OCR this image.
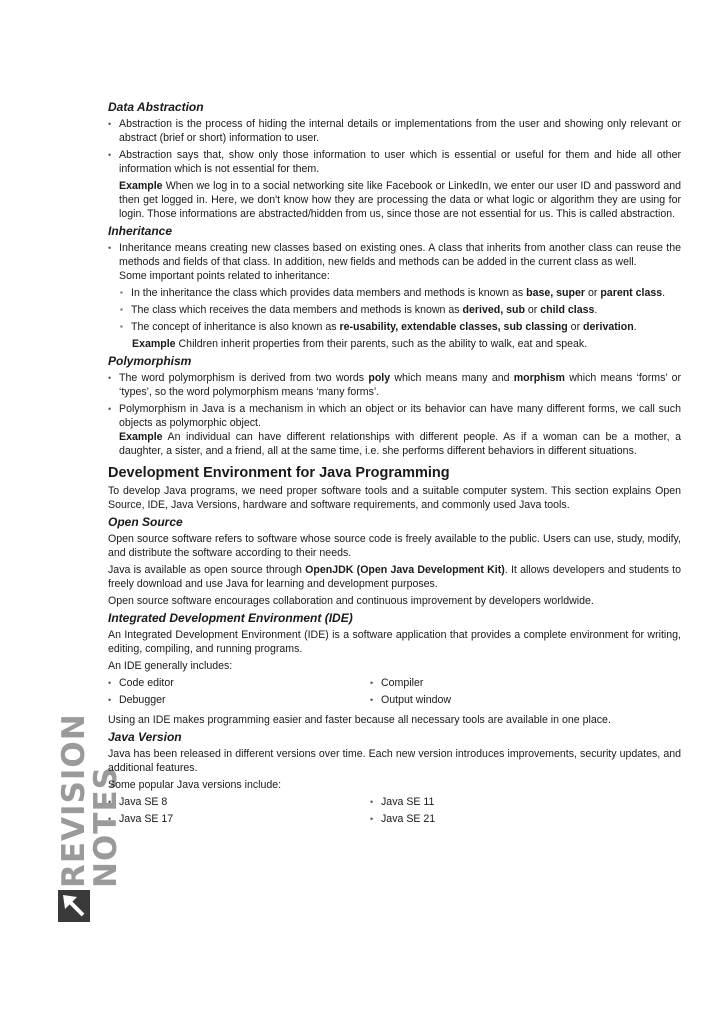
REVISION NOTES
Data Abstraction
• Abstraction is the process of hiding the internal details or implementations from the user and showing only relevant or abstract (brief or short) information to user.
• Abstraction says that, show only those information to user which is essential or useful for them and hide all other information which is not essential for them.

Example When we log in to a social networking site like Facebook or LinkedIn, we enter our user ID and password and then get logged in. Here, we don't know how they are processing the data or what logic or algorithm they are using for login. Those informations are abstracted/hidden from us, since those are not essential for us. This is called abstraction.

Inheritance
• Inheritance means creating new classes based on existing ones. A class that inherits from another class can reuse the methods and fields of that class. In addition, new fields and methods can be added in the current class as well.
Some important points related to inheritance:
▪ In the inheritance the class which provides data members and methods is known as base, super or parent class.
▪ The class which receives the data members and methods is known as derived, sub or child class.
▪ The concept of inheritance is also known as re-usability, extendable classes, sub classing or derivation.

Example Children inherit properties from their parents, such as the ability to walk, eat and speak.

Polymorphism
• The word polymorphism is derived from two words poly which means many and morphism which means ‘forms’ or ‘types’, so the word polymorphism means ‘many forms’.
• Polymorphism in Java is a mechanism in which an object or its behavior can have many different forms, we call such objects as polymorphic object.
Example An individual can have different relationships with different people. As if a woman can be a mother, a daughter, a sister, and a friend, all at the same time, i.e. she performs different behaviors in different situations.
Development Environment for Java Programming

To develop Java programs, we need proper software tools and a suitable computer system. This section explains Open Source, IDE, Java Versions, hardware and software requirements, and commonly used Java tools.

Open Source

Open source software refers to software whose source code is freely available to the public. Users can use, study, modify, and distribute the software according to their needs.

Java is available as open source through OpenJDK (Open Java Development Kit). It allows developers and students to freely download and use Java for learning and development purposes.

Open source software encourages collaboration and continuous improvement by developers worldwide.

Integrated Development Environment (IDE)

An Integrated Development Environment (IDE) is a software application that provides a complete environment for writing, editing, compiling, and running programs.

An IDE generally includes:

• Code editor	• Compiler
• Debugger	• Output window

Using an IDE makes programming easier and faster because all necessary tools are available in one place.

Java Version

Java has been released in different versions over time. Each new version introduces improvements, security updates, and additional features.

Some popular Java versions include:

• Java SE 8	• Java SE 11
• Java SE 17	• Java SE 21
